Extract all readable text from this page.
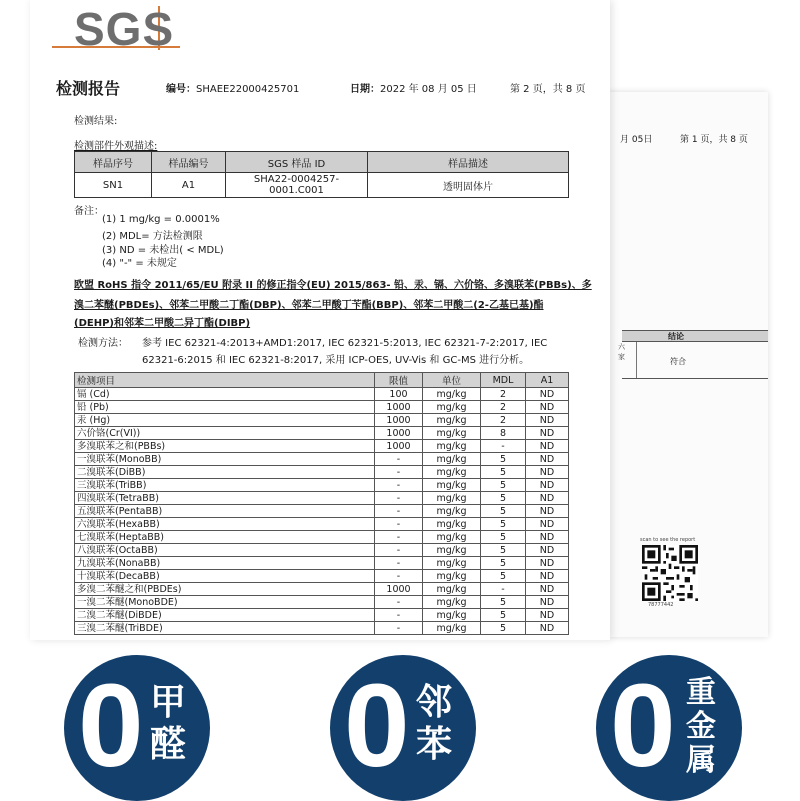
月 05日	第 1 页，共 8 页
结论
六
家	符合
scan to see the report
78777442
SGS
检测报告	编号：SHAEE22000425701	日期：2022 年 08 月 05 日	第 2 页，共 8 页
检测结果:
检测部件外观描述:
样品序号	样品编号	SGS 样品 ID	样品描述
SN1	A1	SHA22-0004257-0001.C001	透明固体片
备注：
(1) 1 mg/kg = 0.0001%
(2) MDL= 方法检测限
(3) ND = 未检出( < MDL)
(4) "-" = 未规定
欧盟 RoHS 指令 2011/65/EU 附录 II 的修正指令(EU) 2015/863- 铅、汞、镉、六价铬、多溴联苯(PBBs)、多
溴二苯醚(PBDEs)、邻苯二甲酸二丁酯(DBP)、邻苯二甲酸丁苄酯(BBP)、邻苯二甲酸二(2-乙基已基)酯
(DEHP)和邻苯二甲酸二异丁酯(DIBP)
检测方法： 参考 IEC 62321-4:2013+AMD1:2017, IEC 62321-5:2013, IEC 62321-7-2:2017, IEC
62321-6:2015 和 IEC 62321-8:2017, 采用 ICP-OES, UV-Vis 和 GC-MS 进行分析。
检测项目	限值	单位	MDL	A1
镉 (Cd)	100	mg/kg	2	ND
铅 (Pb)	1000	mg/kg	2	ND
汞 (Hg)	1000	mg/kg	2	ND
六价铬(Cr(VI))	1000	mg/kg	8	ND
多溴联苯之和(PBBs)	1000	mg/kg	-	ND
一溴联苯(MonoBB)	-	mg/kg	5	ND
二溴联苯(DiBB)	-	mg/kg	5	ND
三溴联苯(TriBB)	-	mg/kg	5	ND
四溴联苯(TetraBB)	-	mg/kg	5	ND
五溴联苯(PentaBB)	-	mg/kg	5	ND
六溴联苯(HexaBB)	-	mg/kg	5	ND
七溴联苯(HeptaBB)	-	mg/kg	5	ND
八溴联苯(OctaBB)	-	mg/kg	5	ND
九溴联苯(NonaBB)	-	mg/kg	5	ND
十溴联苯(DecaBB)	-	mg/kg	5	ND
多溴二苯醚之和(PBDEs)	1000	mg/kg	-	ND
一溴二苯醚(MonoBDE)	-	mg/kg	5	ND
二溴二苯醚(DiBDE)	-	mg/kg	5	ND
三溴二苯醚(TriBDE)	-	mg/kg	5	ND
0 甲
醛 0 邻
苯 0 重
金
属
